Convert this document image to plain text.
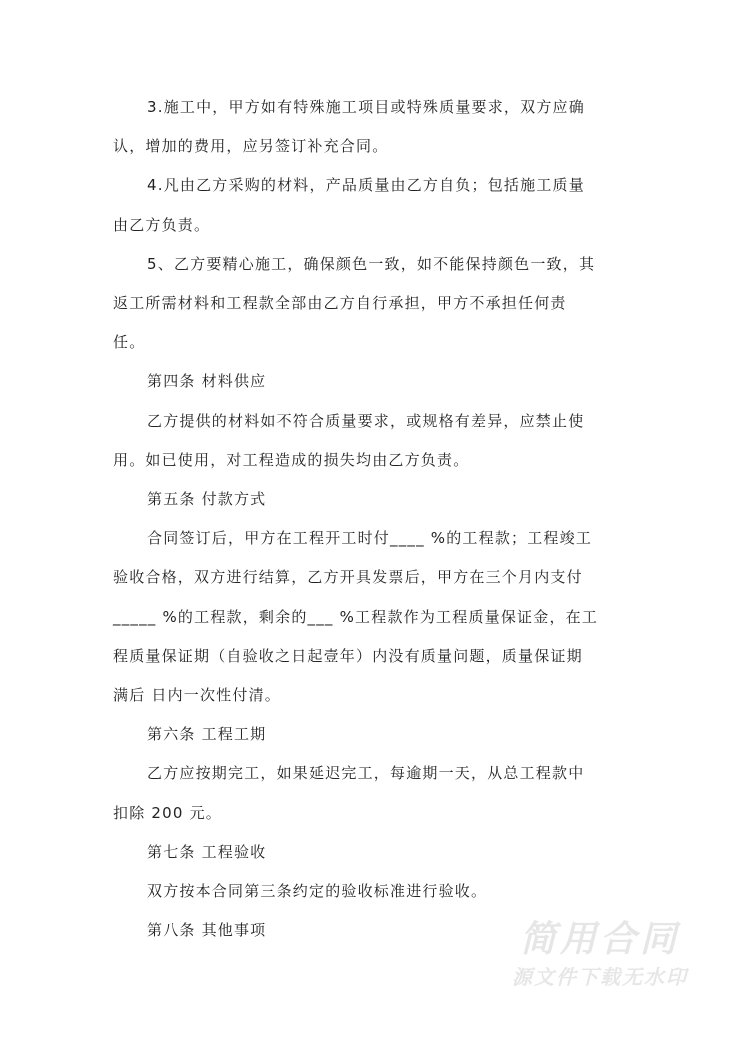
3.施工中，甲方如有特殊施工项目或特殊质量要求，双方应确
认，增加的费用，应另签订补充合同。
4.凡由乙方采购的材料，产品质量由乙方自负；包括施工质量
由乙方负责。
5、乙方要精心施工，确保颜色一致，如不能保持颜色一致，其
返工所需材料和工程款全部由乙方自行承担，甲方不承担任何责
任。
第四条 材料供应
乙方提供的材料如不符合质量要求，或规格有差异，应禁止使
用。如已使用，对工程造成的损失均由乙方负责。
第五条 付款方式
合同签订后，甲方在工程开工时付____ %的工程款；工程竣工
验收合格，双方进行结算，乙方开具发票后，甲方在三个月内支付
_____ %的工程款，剩余的___ %工程款作为工程质量保证金，在工
程质量保证期（自验收之日起壹年）内没有质量问题，质量保证期
满后 日内一次性付清。
第六条 工程工期
乙方应按期完工，如果延迟完工，每逾期一天，从总工程款中
扣除 200 元。
第七条 工程验收
双方按本合同第三条约定的验收标准进行验收。
第八条 其他事项	简用合同
源文件下载无水印
